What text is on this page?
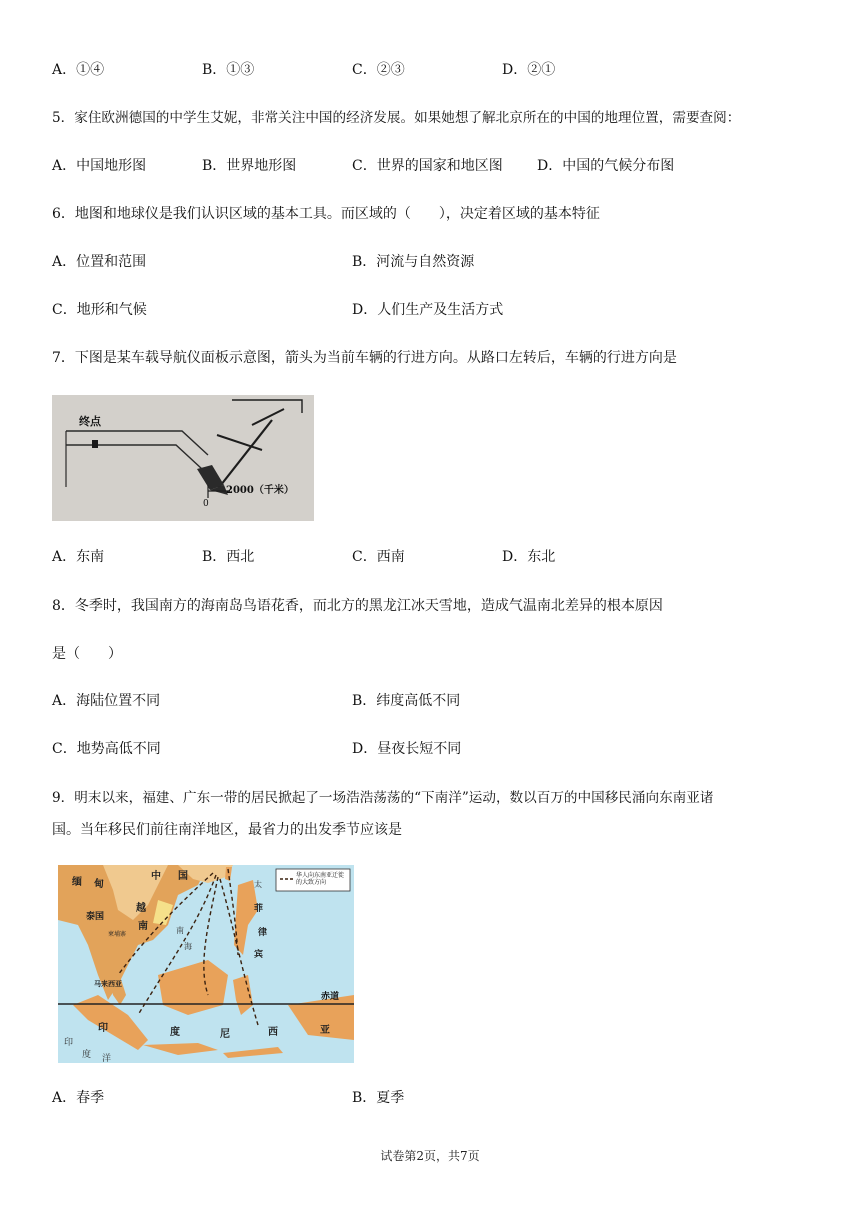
A．①④	B．①③	C．②③	D．②①
5．家住欧洲德国的中学生艾妮，非常关注中国的经济发展。如果她想了解北京所在的中国的地理位置，需要查阅：
A．中国地形图	B．世界地形图	C．世界的国家和地区图 D．中国的气候分布图
6．地图和地球仪是我们认识区域的基本工具。而区域的（　　），决定着区域的基本特征
A．位置和范围	B．河流与自然资源
C．地形和气候	D．人们生产及生活方式
7．下图是某车载导航仪面板示意图，箭头为当前车辆的行进方向。从路口左转后，车辆的行进方向是
终点
0
2000（千米）
A．东南	B．西北	C．西南	D．东北
8．冬季时，我国南方的海南岛鸟语花香，而北方的黑龙江冰天雪地，造成气温南北差异的根本原因
是（　　）
A．海陆位置不同	B．纬度高低不同
C．地势高低不同	D．昼夜长短不同
9．明末以来，福建、广东一带的居民掀起了一场浩浩荡荡的“下南洋”运动，数以百万的中国移民涌向东南亚诸
国。当年移民们前往南洋地区，最省力的出发季节应该是
华人向东南亚迁徙的大致方向
赤道
缅 甸
中 国
泰国
越
南
柬埔寨	南
海
菲
律
宾
太
马来西亚
印	度	尼	西	亚
印
度 洋
A．春季	B．夏季
试卷第2页，共7页
